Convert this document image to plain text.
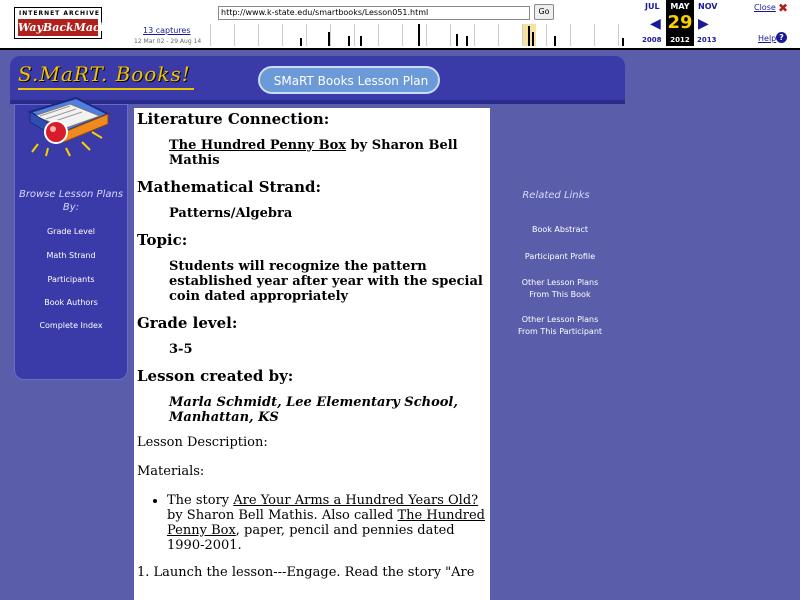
INTERNET ARCHIVE
WayBackMachine
http://www.k-state.edu/smartbooks/Lesson051.html	Go
13 captures
12 Mar 02 - 29 Aug 14
JUL	NOV
2008	2013
◀	▶
MAY
29
2012
Close ✖
Help ?
S.MaRT. Books!	SMaRT Books Lesson Plan
Browse Lesson Plans By:
Grade Level
Math Strand
Participants
Book Authors
Complete Index
Literature Connection:
The Hundred Penny Box by Sharon Bell Mathis
Mathematical Strand:
Patterns/Algebra
Topic:
Students will recognize the pattern established year after year with the special coin dated appropriately
Grade level:
3-5
Lesson created by:
Marla Schmidt, Lee Elementary School, Manhattan, KS
Lesson Description:
Materials:
• The story Are Your Arms a Hundred Years Old? by Sharon Bell Mathis. Also called The Hundred Penny Box, paper, pencil and pennies dated 1990-2001.
1. Launch the lesson---Engage. Read the story "Are
Related Links
Book Abstract
Participant Profile
Other Lesson Plans
From This Book
Other Lesson Plans
From This Participant
